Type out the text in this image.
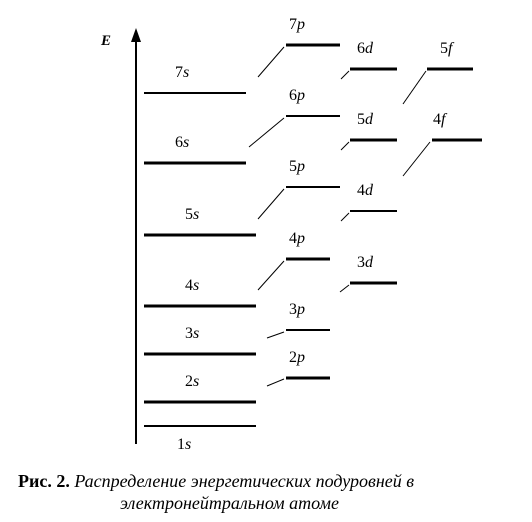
E
1s
2s
2p
3s
3p
4s
3d
4p
5s
4d
5p
6s
4f
5d
6p
7s
5f
6d
7p
Рис. 2. Распределение энергетических подуровней в
электронейтральном атоме
